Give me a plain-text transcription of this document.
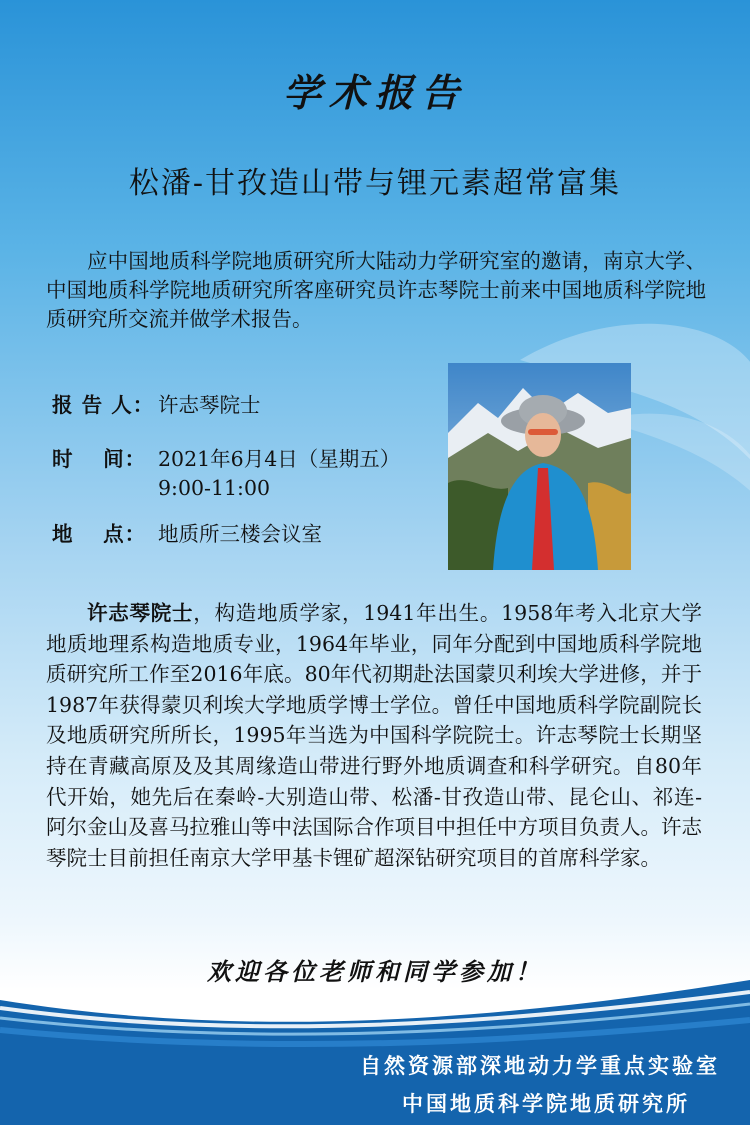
学术报告
松潘-甘孜造山带与锂元素超常富集
应中国地质科学院地质研究所大陆动力学研究室的邀请，南京大学、中国地质科学院地质研究所客座研究员许志琴院士前来中国地质科学院地质研究所交流并做学术报告。
报 告 人： 许志琴院士
时　 间： 2021年6月4日（星期五）
9:00-11:00
地　 点： 地质所三楼会议室
许志琴院士，构造地质学家，1941年出生。1958年考入北京大学地质地理系构造地质专业，1964年毕业，同年分配到中国地质科学院地质研究所工作至2016年底。80年代初期赴法国蒙贝利埃大学进修，并于1987年获得蒙贝利埃大学地质学博士学位。曾任中国地质科学院副院长及地质研究所所长，1995年当选为中国科学院院士。许志琴院士长期坚持在青藏高原及及其周缘造山带进行野外地质调查和科学研究。自80年代开始，她先后在秦岭-大别造山带、松潘-甘孜造山带、昆仑山、祁连-阿尔金山及喜马拉雅山等中法国际合作项目中担任中方项目负责人。许志琴院士目前担任南京大学甲基卡锂矿超深钻研究项目的首席科学家。
欢迎各位老师和同学参加！
自然资源部深地动力学重点实验室
中国地质科学院地质研究所
